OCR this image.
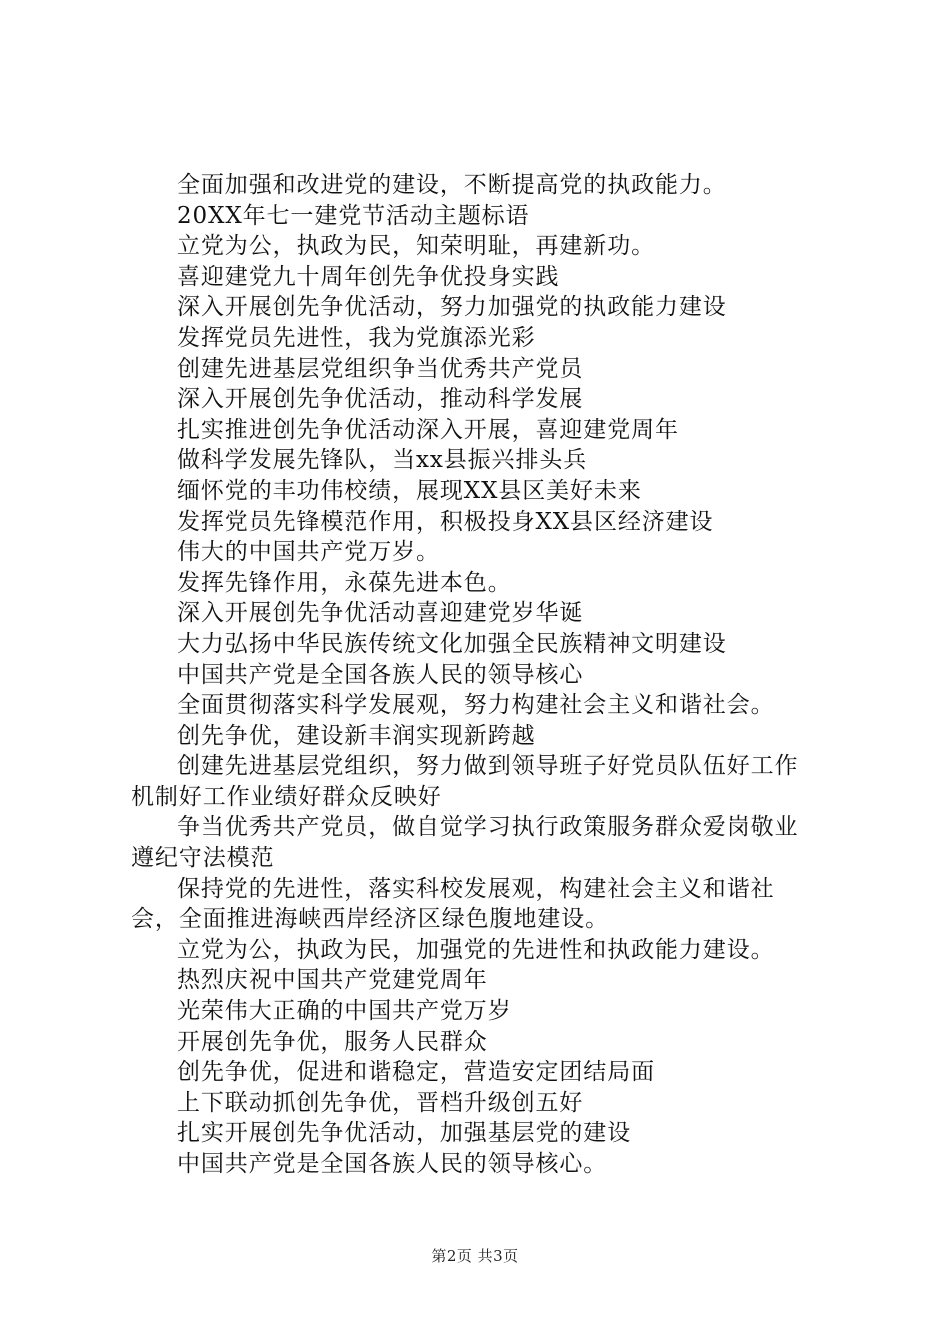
全面加强和改进党的建设，不断提高党的执政能力。

20XX年七一建党节活动主题标语

立党为公，执政为民，知荣明耻，再建新功。

喜迎建党九十周年创先争优投身实践

深入开展创先争优活动，努力加强党的执政能力建设

发挥党员先进性，我为党旗添光彩

创建先进基层党组织争当优秀共产党员

深入开展创先争优活动，推动科学发展

扎实推进创先争优活动深入开展，喜迎建党周年

做科学发展先锋队，当xx县振兴排头兵

缅怀党的丰功伟校绩，展现XX县区美好未来

发挥党员先锋模范作用，积极投身XX县区经济建设

伟大的中国共产党万岁。

发挥先锋作用，永葆先进本色。

深入开展创先争优活动喜迎建党岁华诞

大力弘扬中华民族传统文化加强全民族精神文明建设

中国共产党是全国各族人民的领导核心

全面贯彻落实科学发展观，努力构建社会主义和谐社会。

创先争优，建设新丰润实现新跨越

创建先进基层党组织，努力做到领导班子好党员队伍好工作机制好工作业绩好群众反映好

争当优秀共产党员，做自觉学习执行政策服务群众爱岗敬业遵纪守法模范

保持党的先进性，落实科校发展观，构建社会主义和谐社会，全面推进海峡西岸经济区绿色腹地建设。

立党为公，执政为民，加强党的先进性和执政能力建设。

热烈庆祝中国共产党建党周年

光荣伟大正确的中国共产党万岁

开展创先争优，服务人民群众

创先争优，促进和谐稳定，营造安定团结局面

上下联动抓创先争优，晋档升级创五好

扎实开展创先争优活动，加强基层党的建设

中国共产党是全国各族人民的领导核心。

第2页 共3页
